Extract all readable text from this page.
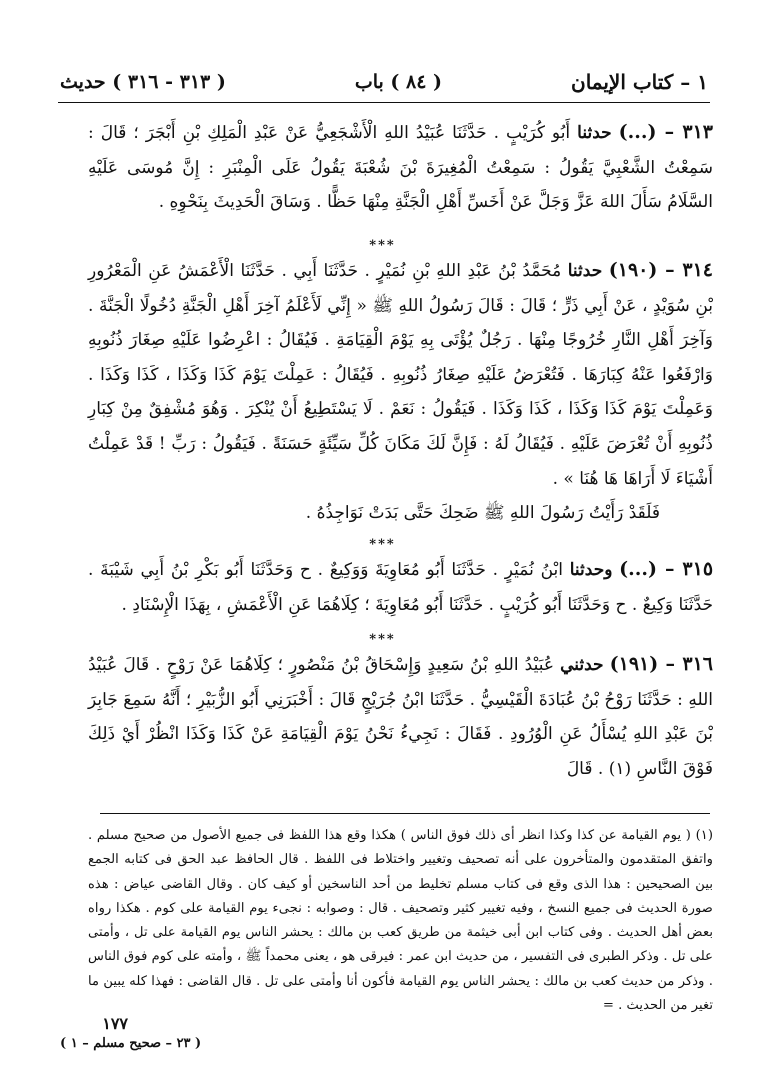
١ – كتاب الإيمان
( ٨٤ ) باب
( ٣١٣ - ٣١٦ ) حديث
٣١٣ – (...) حدثنا أَبُو كُرَيْبٍ . حَدَّثَنَا عُبَيْدُ اللهِ الْأَشْجَعِيُّ عَنْ عَبْدِ الْمَلِكِ بْنِ أَبْجَرَ ؛ قَالَ : سَمِعْتُ الشَّعْبِيَّ يَقُولُ : سَمِعْتُ الْمُغِيرَةَ بْنَ شُعْبَةَ يَقُولُ عَلَى الْمِنْبَرِ : إِنَّ مُوسَى عَلَيْهِ السَّلَامُ سَأَلَ اللهَ عَزَّ وَجَلَّ عَنْ أَخَسِّ أَهْلِ الْجَنَّةِ مِنْهَا حَظًّا . وَسَاقَ الْحَدِيثَ بِنَحْوِهِ .
***
٣١٤ – (١٩٠) حدثنا مُحَمَّدُ بْنُ عَبْدِ اللهِ بْنِ نُمَيْرٍ . حَدَّثَنَا أَبِي . حَدَّثَنَا الْأَعْمَشُ عَنِ الْمَعْرُورِ بْنِ سُوَيْدٍ ، عَنْ أَبِي ذَرٍّ ؛ قَالَ : قَالَ رَسُولُ اللهِ ﷺ « إِنِّي لَأَعْلَمُ آخِرَ أَهْلِ الْجَنَّةِ دُخُولًا الْجَنَّةَ . وَآخِرَ أَهْلِ النَّارِ خُرُوجًا مِنْهَا . رَجُلٌ يُؤْتَى بِهِ يَوْمَ الْقِيَامَةِ . فَيُقَالُ : اعْرِضُوا عَلَيْهِ صِغَارَ ذُنُوبِهِ وَارْفَعُوا عَنْهُ كِبَارَهَا . فَتُعْرَضُ عَلَيْهِ صِغَارُ ذُنُوبِهِ . فَيُقَالُ : عَمِلْتَ يَوْمَ كَذَا وَكَذَا ، كَذَا وَكَذَا . وَعَمِلْتَ يَوْمَ كَذَا وَكَذَا ، كَذَا وَكَذَا . فَيَقُولُ : نَعَمْ . لَا يَسْتَطِيعُ أَنْ يُنْكِرَ . وَهُوَ مُشْفِقٌ مِنْ كِبَارِ ذُنُوبِهِ أَنْ تُعْرَضَ عَلَيْهِ . فَيُقَالُ لَهُ : فَإِنَّ لَكَ مَكَانَ كُلِّ سَيِّئَةٍ حَسَنَةً . فَيَقُولُ : رَبِّ ! قَدْ عَمِلْتُ أَشْيَاءَ لَا أَرَاهَا هَا هُنَا » .
فَلَقَدْ رَأَيْتُ رَسُولَ اللهِ ﷺ ضَحِكَ حَتَّى بَدَتْ نَوَاجِذُهُ .
***
٣١٥ – (...) وحدثنا ابْنُ نُمَيْرٍ . حَدَّثَنَا أَبُو مُعَاوِيَةَ وَوَكِيعٌ . ح وَحَدَّثَنَا أَبُو بَكْرِ بْنُ أَبِي شَيْبَةَ . حَدَّثَنَا وَكِيعٌ . ح وَحَدَّثَنَا أَبُو كُرَيْبٍ . حَدَّثَنَا أَبُو مُعَاوِيَةَ ؛ كِلَاهُمَا عَنِ الْأَعْمَشِ ، بِهَذَا الْإِسْنَادِ .
***
٣١٦ – (١٩١) حدثني عُبَيْدُ اللهِ بْنُ سَعِيدٍ وَإِسْحَاقُ بْنُ مَنْصُورٍ ؛ كِلَاهُمَا عَنْ رَوْحٍ . قَالَ عُبَيْدُ اللهِ : حَدَّثَنَا رَوْحُ بْنُ عُبَادَةَ الْقَيْسِيُّ . حَدَّثَنَا ابْنُ جُرَيْجٍ قَالَ : أَخْبَرَنِي أَبُو الزُّبَيْرِ ؛ أَنَّهُ سَمِعَ جَابِرَ بْنَ عَبْدِ اللهِ يُسْأَلُ عَنِ الْوُرُودِ . فَقَالَ : نَجِيءُ نَحْنُ يَوْمَ الْقِيَامَةِ عَنْ كَذَا وَكَذَا انْظُرْ أَيْ ذَلِكَ فَوْقَ النَّاسِ (١) . قَالَ
(١) ( يوم القيامة عن كذا وكذا انظر أى ذلك فوق الناس ) هكذا وقع هذا اللفظ فى جميع الأصول من صحيح مسلم . واتفق المتقدمون والمتأخرون على أنه تصحيف وتغيير واختلاط فى اللفظ . قال الحافظ عبد الحق فى كتابه الجمع بين الصحيحين : هذا الذى وقع فى كتاب مسلم تخليط من أحد الناسخين أو كيف كان . وقال القاضى عياض : هذه صورة الحديث فى جميع النسخ ، وفيه تغيير كثير وتصحيف . قال : وصوابه : نجىء يوم القيامة على كوم . هكذا رواه بعض أهل الحديث . وفى كتاب ابن أبى خيثمة من طريق كعب بن مالك : يحشر الناس يوم القيامة على تل ، وأمتى على تل . وذكر الطبرى فى التفسير ، من حديث ابن عمر : فيرقى هو ، يعنى محمداً ﷺ ، وأمته على كوم فوق الناس . وذكر من حديث كعب بن مالك : يحشر الناس يوم القيامة فأكون أنا وأمتى على تل . قال القاضى : فهذا كله يبين ما تغير من الحديث . =
١٧٧
( ٢٣ – صحيح مسلم – ١ )
